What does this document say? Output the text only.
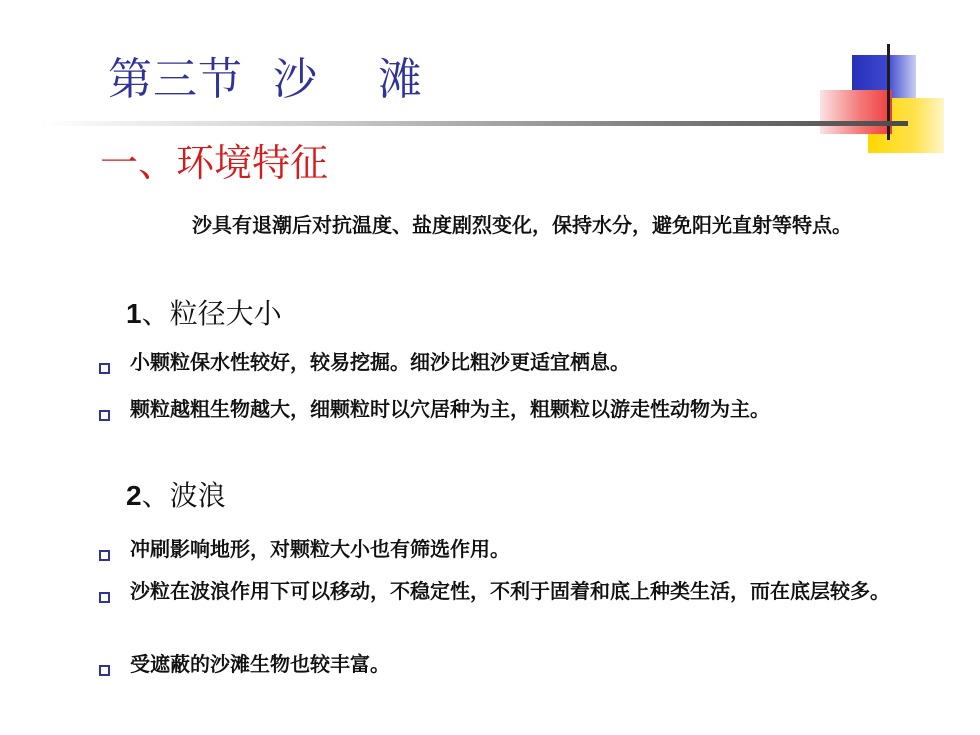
第三节  沙    滩
一、环境特征
沙具有退潮后对抗温度、盐度剧烈变化，保持水分，避免阳光直射等特点。
1、粒径大小
小颗粒保水性较好，较易挖掘。细沙比粗沙更适宜栖息。
颗粒越粗生物越大，细颗粒时以穴居种为主，粗颗粒以游走性动物为主。
2、波浪
冲刷影响地形，对颗粒大小也有筛选作用。
沙粒在波浪作用下可以移动，不稳定性，不利于固着和底上种类生活，而在底层较多。
受遮蔽的沙滩生物也较丰富。
